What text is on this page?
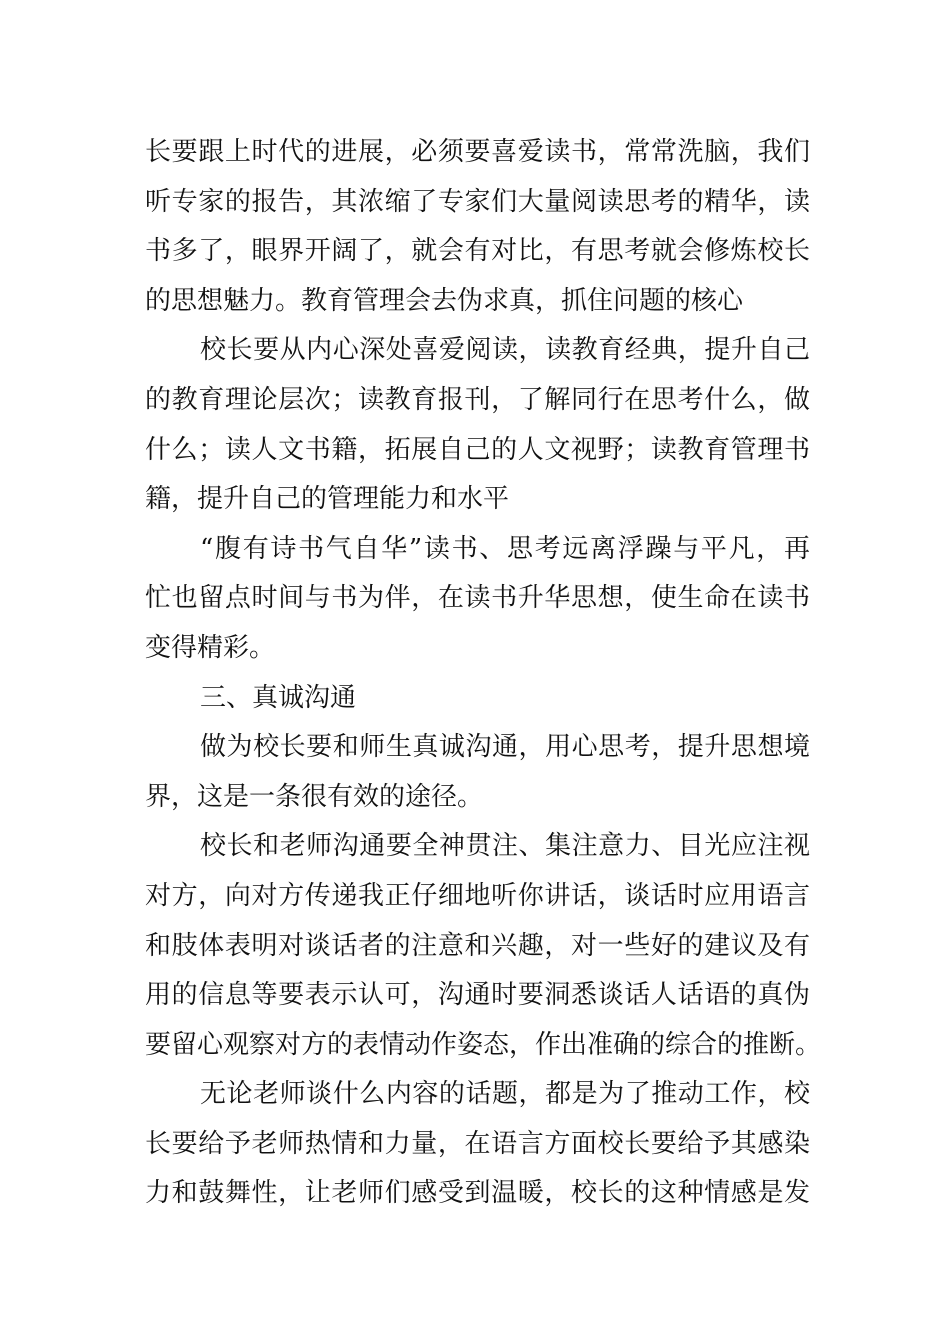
长要跟上时代的进展，必须要喜爱读书，常常洗脑，我们
听专家的报告，其浓缩了专家们大量阅读思考的精华，读
书多了，眼界开阔了，就会有对比，有思考就会修炼校长
的思想魅力。教育管理会去伪求真，抓住问题的核心
校长要从内心深处喜爱阅读，读教育经典，提升自己
的教育理论层次；读教育报刊，了解同行在思考什么，做
什么；读人文书籍，拓展自己的人文视野；读教育管理书
籍，提升自己的管理能力和水平
“腹有诗书气自华”读书、思考远离浮躁与平凡，再
忙也留点时间与书为伴，在读书升华思想，使生命在读书
变得精彩。
三、真诚沟通
做为校长要和师生真诚沟通，用心思考，提升思想境
界，这是一条很有效的途径。
校长和老师沟通要全神贯注、集注意力、目光应注视
对方，向对方传递我正仔细地听你讲话，谈话时应用语言
和肢体表明对谈话者的注意和兴趣，对一些好的建议及有
用的信息等要表示认可，沟通时要洞悉谈话人话语的真伪
要留心观察对方的表情动作姿态，作出准确的综合的推断。
无论老师谈什么内容的话题，都是为了推动工作，校
长要给予老师热情和力量，在语言方面校长要给予其感染
力和鼓舞性，让老师们感受到温暖，校长的这种情感是发
